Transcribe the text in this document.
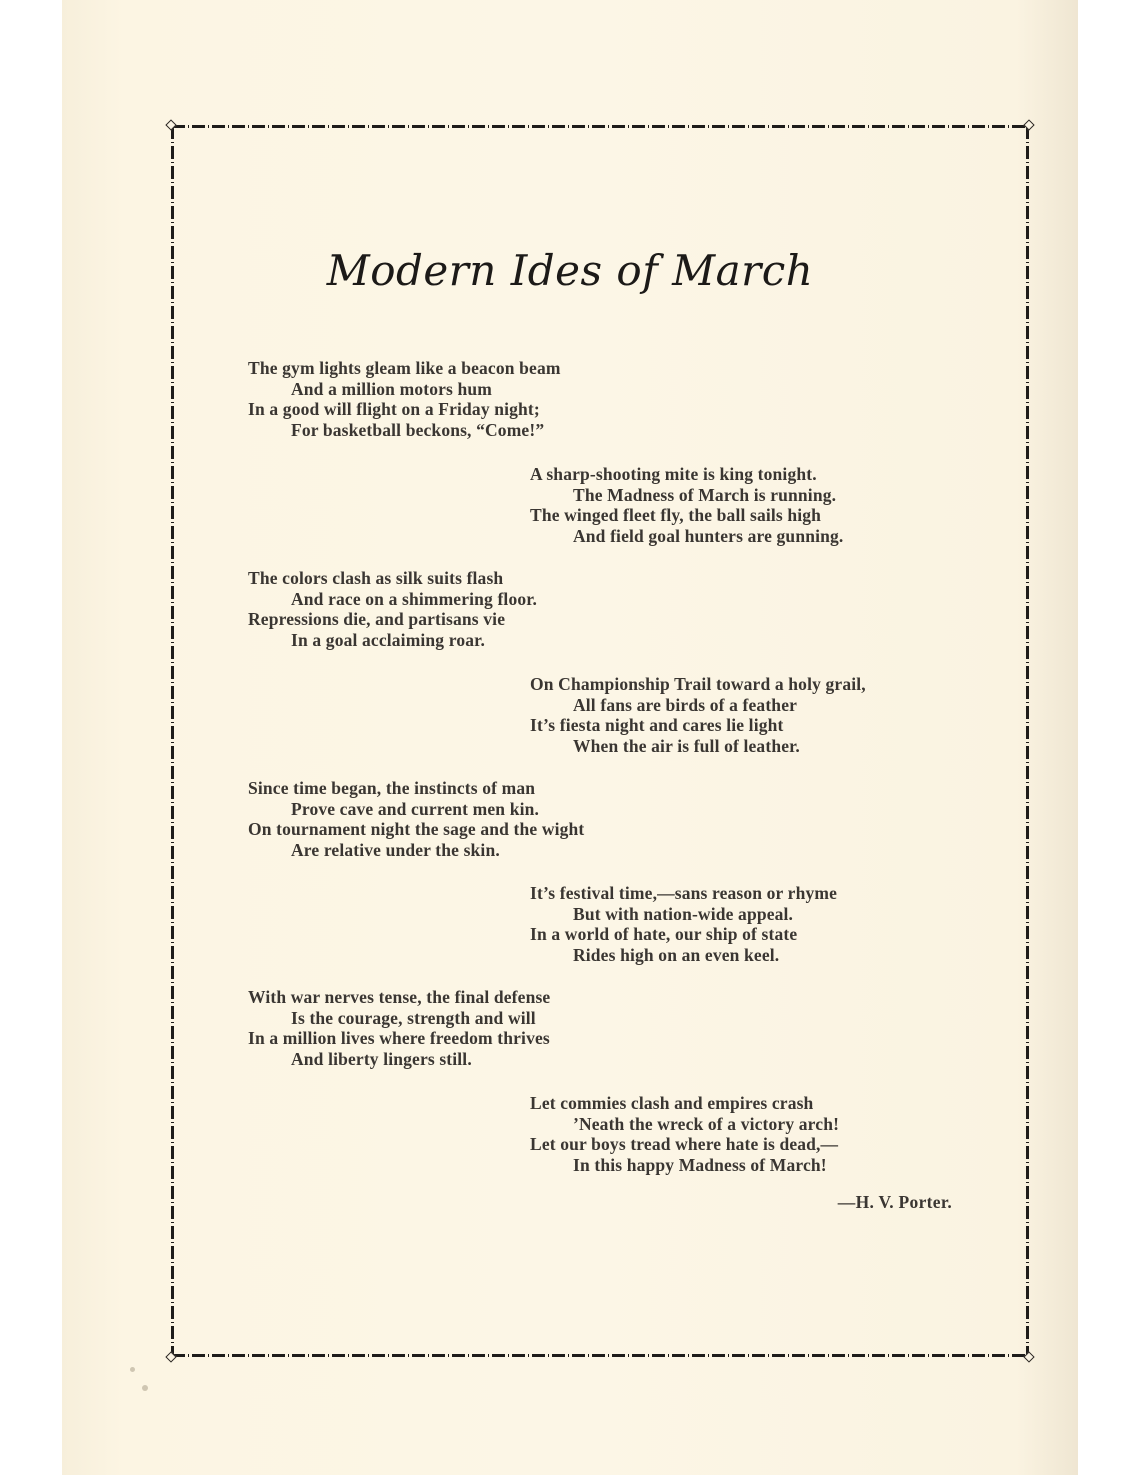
Modern Ides of March
The gym lights gleam like a beacon beam
And a million motors hum
In a good will flight on a Friday night;
For basketball beckons, “Come!”
A sharp-shooting mite is king tonight.
The Madness of March is running.
The winged fleet fly, the ball sails high
And field goal hunters are gunning.
The colors clash as silk suits flash
And race on a shimmering floor.
Repressions die, and partisans vie
In a goal acclaiming roar.
On Championship Trail toward a holy grail,
All fans are birds of a feather
It’s fiesta night and cares lie light
When the air is full of leather.
Since time began, the instincts of man
Prove cave and current men kin.
On tournament night the sage and the wight
Are relative under the skin.
It’s festival time,—sans reason or rhyme
But with nation-wide appeal.
In a world of hate, our ship of state
Rides high on an even keel.
With war nerves tense, the final defense
Is the courage, strength and will
In a million lives where freedom thrives
And liberty lingers still.
Let commies clash and empires crash
’Neath the wreck of a victory arch!
Let our boys tread where hate is dead,—
In this happy Madness of March!
—H. V. Porter.
